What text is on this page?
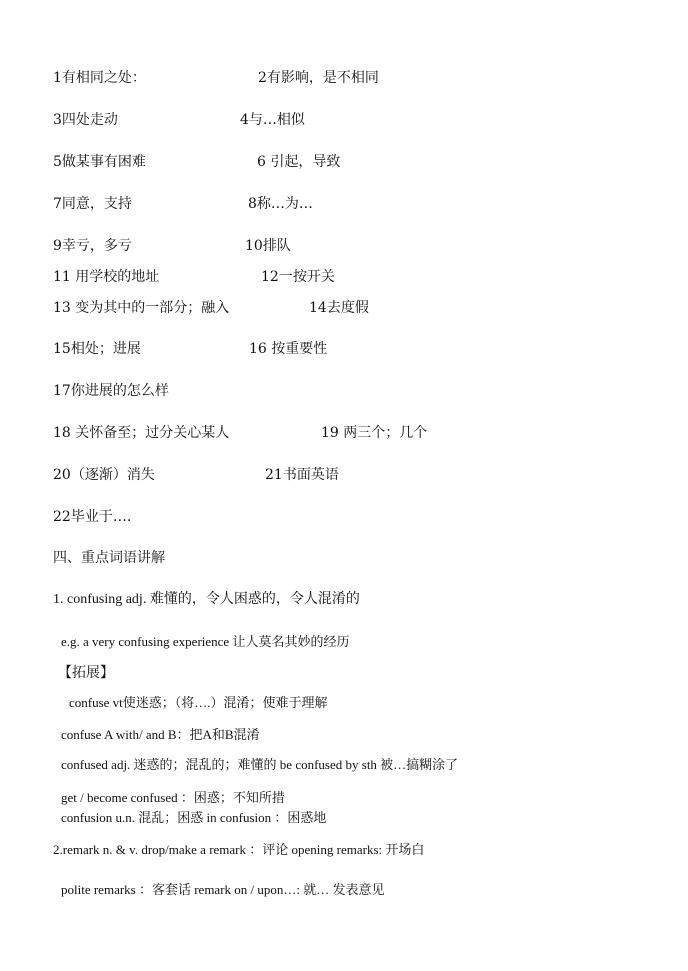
1有相同之处：	2有影响，是不相同
3四处走动	4与…相似
5做某事有困难	6 引起，导致
7同意，支持	8称…为…
9幸亏，多亏	10排队
11 用学校的地址	12一按开关
13 变为其中的一部分；融入	14去度假
15相处；进展	16 按重要性
17你进展的怎么样
18 关怀备至；过分关心某人	19 两三个；几个
20（逐渐）消失	21书面英语
22毕业于….
四、重点词语讲解
1. confusing adj. 难懂的，令人困惑的，令人混淆的
e.g. a very confusing experience 让人莫名其妙的经历
【拓展】
confuse vt使迷惑；（将….）混淆；使难于理解
confuse A with/ and B：把A和B混淆
confused adj. 迷惑的；混乱的；难懂的 be confused by sth 被…搞糊涂了
get / become confused ：困惑；不知所措
confusion u.n. 混乱；困惑 in confusion ：困惑地
2.remark n. & v. drop/make a remark ：评论 opening remarks: 开场白
polite remarks ：客套话 remark on / upon…: 就… 发表意见
